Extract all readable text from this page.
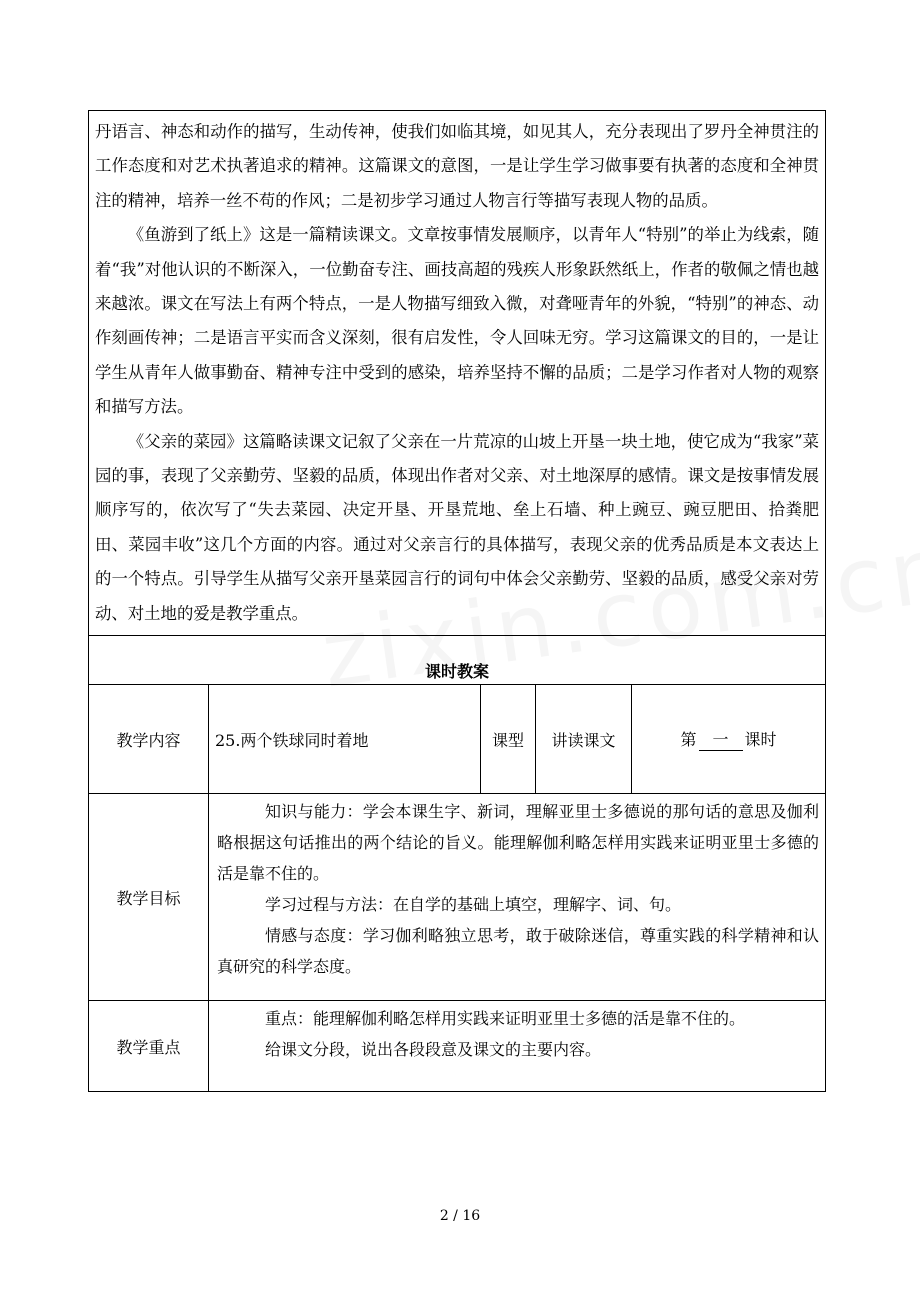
丹语言、神态和动作的描写，生动传神，使我们如临其境，如见其人，充分表现出了罗丹全神贯注的工作态度和对艺术执著追求的精神。这篇课文的意图，一是让学生学习做事要有执著的态度和全神贯注的精神，培养一丝不苟的作风；二是初步学习通过人物言行等描写表现人物的品质。

《鱼游到了纸上》这是一篇精读课文。文章按事情发展顺序，以青年人“特别”的举止为线索，随着“我”对他认识的不断深入，一位勤奋专注、画技高超的残疾人形象跃然纸上，作者的敬佩之情也越来越浓。课文在写法上有两个特点，一是人物描写细致入微，对聋哑青年的外貌，“特别”的神态、动作刻画传神；二是语言平实而含义深刻，很有启发性，令人回味无穷。学习这篇课文的目的，一是让学生从青年人做事勤奋、精神专注中受到的感染，培养坚持不懈的品质；二是学习作者对人物的观察和描写方法。

《父亲的菜园》这篇略读课文记叙了父亲在一片荒凉的山坡上开垦一块土地，使它成为“我家”菜园的事，表现了父亲勤劳、坚毅的品质，体现出作者对父亲、对土地深厚的感情。课文是按事情发展顺序写的，依次写了“失去菜园、决定开垦、开垦荒地、垒上石墙、种上豌豆、豌豆肥田、拾粪肥田、菜园丰收”这几个方面的内容。通过对父亲言行的具体描写，表现父亲的优秀品质是本文表达上的一个特点。引导学生从描写父亲开垦菜园言行的词句中体会父亲勤劳、坚毅的品质，感受父亲对劳动、对土地的爱是教学重点。				

课时教案				
教学内容	25.两个铁球同时着地	课型	讲读课文	第 一 课时
教学目标	知识与能力：学会本课生字、新词，理解亚里士多德说的那句话的意思及伽利略根据这句话推出的两个结论的旨义。能理解伽利略怎样用实践来证明亚里士多德的活是靠不住的。

学习过程与方法：在自学的基础上填空，理解字、词、句。

情感与态度：学习伽利略独立思考，敢于破除迷信，尊重实践的科学精神和认真研究的科学态度。			

教学重点	重点：能理解伽利略怎样用实践来证明亚里士多德的活是靠不住的。

给课文分段，说出各段段意及课文的主要内容。			

2 / 16
